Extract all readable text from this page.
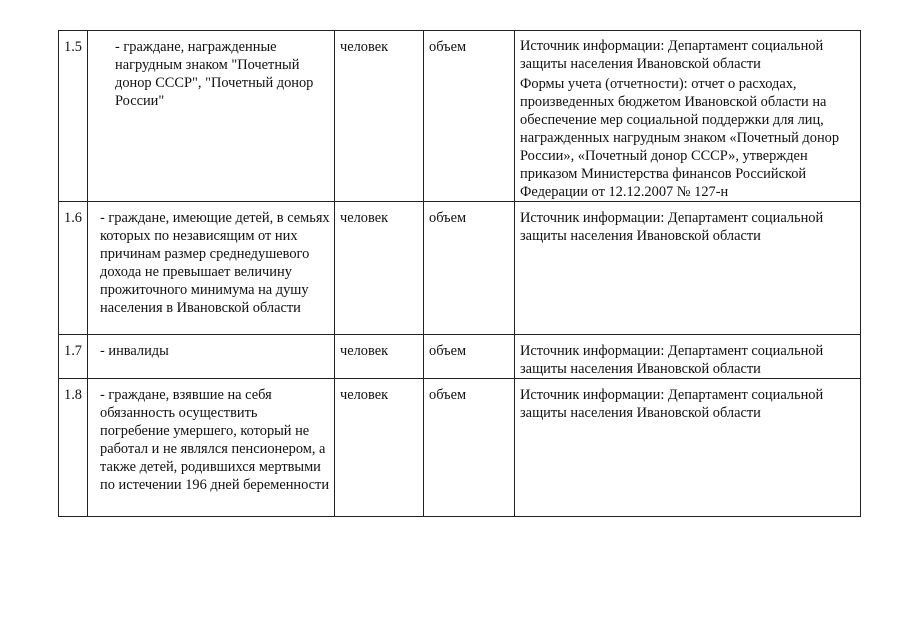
1.5	- граждане, награжденные нагрудным знаком "Почетный донор СССР", "Почетный донор России"	человек	объем	Источник информации: Департамент социальной защиты населения Ивановской области
Формы учета (отчетности): отчет о расходах, произведенных бюджетом Ивановской области на обеспечение мер социальной поддержки для лиц, награжденных нагрудным знаком «Почетный донор России», «Почетный донор СССР», утвержден приказом Министерства финансов Российской Федерации от 12.12.2007 № 127-н

1.6	- граждане, имеющие детей, в семьях которых по независящим от них причинам размер среднедушевого дохода не превышает величину прожиточного минимума на душу населения в Ивановской области	человек	объем	Источник информации: Департамент социальной защиты населения Ивановской области

1.7	- инвалиды	человек	объем	Источник информации: Департамент социальной защиты населения Ивановской области

1.8	- граждане, взявшие на себя обязанность осуществить погребение умершего, который не работал и не являлся пенсионером, а также детей, родившихся мертвыми по истечении 196 дней беременности	человек	объем	Источник информации: Департамент социальной защиты населения Ивановской области
